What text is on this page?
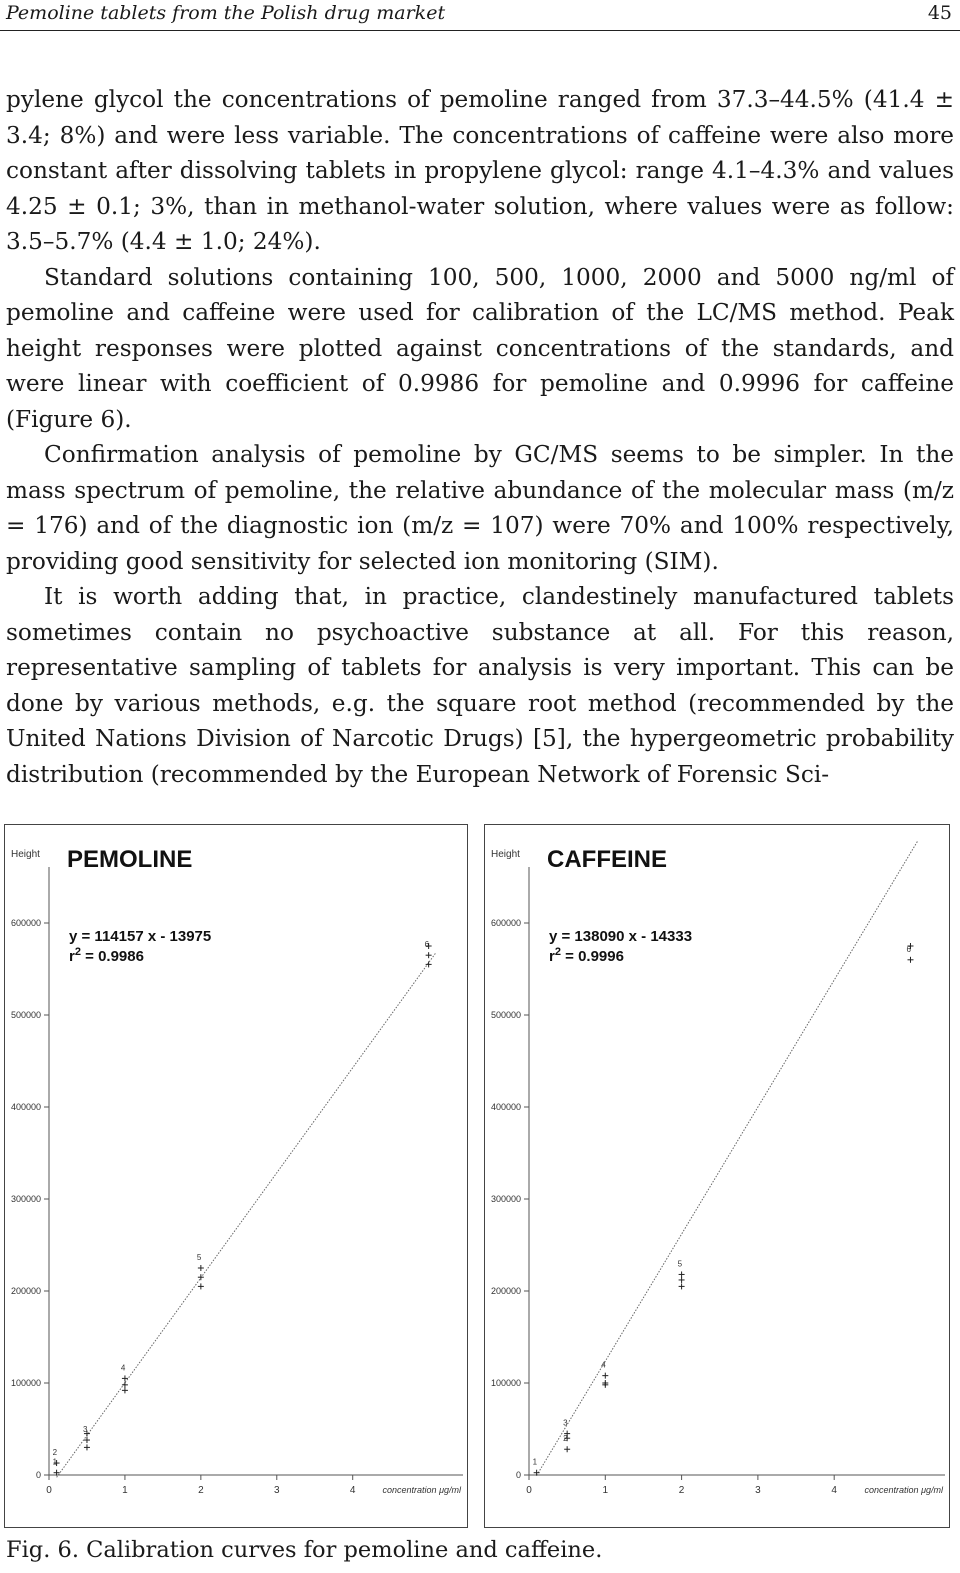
Pemoline tablets from the Polish drug market	45

pylene glycol the concentrations of pemoline ranged from 37.3–44.5% (41.4 ± 3.4; 8%) and were less variable. The concentrations of caffeine were also more constant after dissolving tablets in propylene glycol: range 4.1–4.3% and values 4.25 ± 0.1; 3%, than in methanol-water solution, where values were as follow: 3.5–5.7% (4.4 ± 1.0; 24%).

Standard solutions containing 100, 500, 1000, 2000 and 5000 ng/ml of pemoline and caffeine were used for calibration of the LC/MS method. Peak height responses were plotted against concentrations of the standards, and were linear with coefficient of 0.9986 for pemoline and 0.9996 for caffeine (Figure 6).

Confirmation analysis of pemoline by GC/MS seems to be simpler. In the mass spectrum of pemoline, the relative abundance of the molecular mass (m/z = 176) and of the diagnostic ion (m/z = 107) were 70% and 100% respectively, providing good sensitivity for selected ion monitoring (SIM).

It is worth adding that, in practice, clandestinely manufactured tablets sometimes contain no psychoactive substance at all. For this reason, representative sampling of tablets for analysis is very important. This can be done by various methods, e.g. the square root method (recommended by the United Nations Division of Narcotic Drugs) [5], the hypergeometric probability distribution (recommended by the European Network of Forensic Sci-

Height
0
100000
200000
300000
400000
500000
600000
0	1	2	3	4	concentration μg/ml
PEMOLINE
y = 114157 x - 13975
$r^2 = 0.9986$
1
2
3
4
5
6
Height
0
100000
200000
300000
400000
500000
600000
0	1	2	3	4	concentration μg/ml
CAFFEINE
y = 138090 x - 14333
$r^2 = 0.9996$
1
2
3
4
5
6
Fig. 6. Calibration curves for pemoline and caffeine.
